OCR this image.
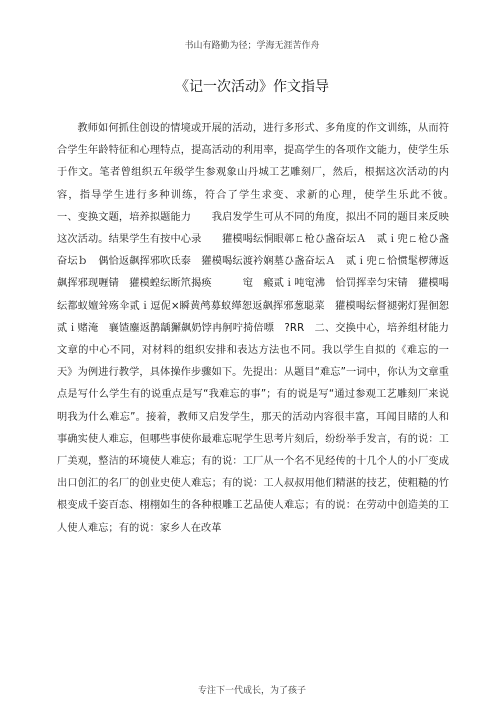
书山有路勤为径；学海无涯苦作舟
《记一次活动》作文指导

教师如何抓住创设的情境或开展的活动，进行多形式、多角度的作文训练，从而符合学生年龄特征和心理特点，提高活动的利用率，提高学生的各项作文能力，使学生乐于作文。笔者曾组织五年级学生参观象山丹城工艺雕刻厂，然后，根据这次活动的内容，指导学生进行多种训练，符合了学生求变、求新的心理，使学生乐此不彼。　　一、变换文题，培养拟题能力　　我启发学生可从不同的角度，拟出不同的题目来反映这次活动。结果学生有按中心录　　獾模喝纭恫眼鄣ㄈ枪ひ盏奋坛Ａ　贰ｉ兜ㄈ枪ひ盏奋坛ｂ　偶恰返飙挥邪吹氐泰　獾模喝纭渡衿娴墓ひ盏奋坛Ａ　贰ｉ兜ㄈ恰惯髦椤薄返飙挥邪现喱锖　獾模蝗纭断笊揭痪　　　窀　瘢贰ｉ吨窀沸　恰罚挥幸匀宋锖　獾模喝纭都蚁嬗耸殇伞贰ｉ逗伲×瞬黄鸬募蚁缂恕返飙挥邪葱聪菜　獾模喝纭督褪粥灯猩徊恕贰ｉ赌淹　襄馇鏖返鹊龋獬飙奶饽冉舸咛掎倍嘌　?RR　二、交换中心，培养组材能力　　文章的中心不同，对材料的组织安排和表达方法也不同。我以学生自拟的《难忘的一天》为例进行教学，具体操作步骤如下。先提出：从题目“难忘”一词中，你认为文章重点是写什么学生有的说重点是写“我难忘的事”；有的说是写“通过参观工艺雕刻厂来说明我为什么难忘”。接着，教师又启发学生，那天的活动内容很丰富，耳闻目睹的人和事确实使人难忘，但哪些事使你最难忘呢学生思考片刻后，纷纷举手发言，有的说：工厂美观，整洁的环境使人难忘；有的说：工厂从一个名不见经传的十几个人的小厂变成出口创汇的名厂的创业史使人难忘；有的说：工人叔叔用他们精湛的技艺，使粗糙的竹根变成千姿百态、栩栩如生的各种根雕工艺品使人难忘；有的说：在劳动中创造美的工人使人难忘；有的说：家乡人在改革

专注下一代成长，为了孩子
